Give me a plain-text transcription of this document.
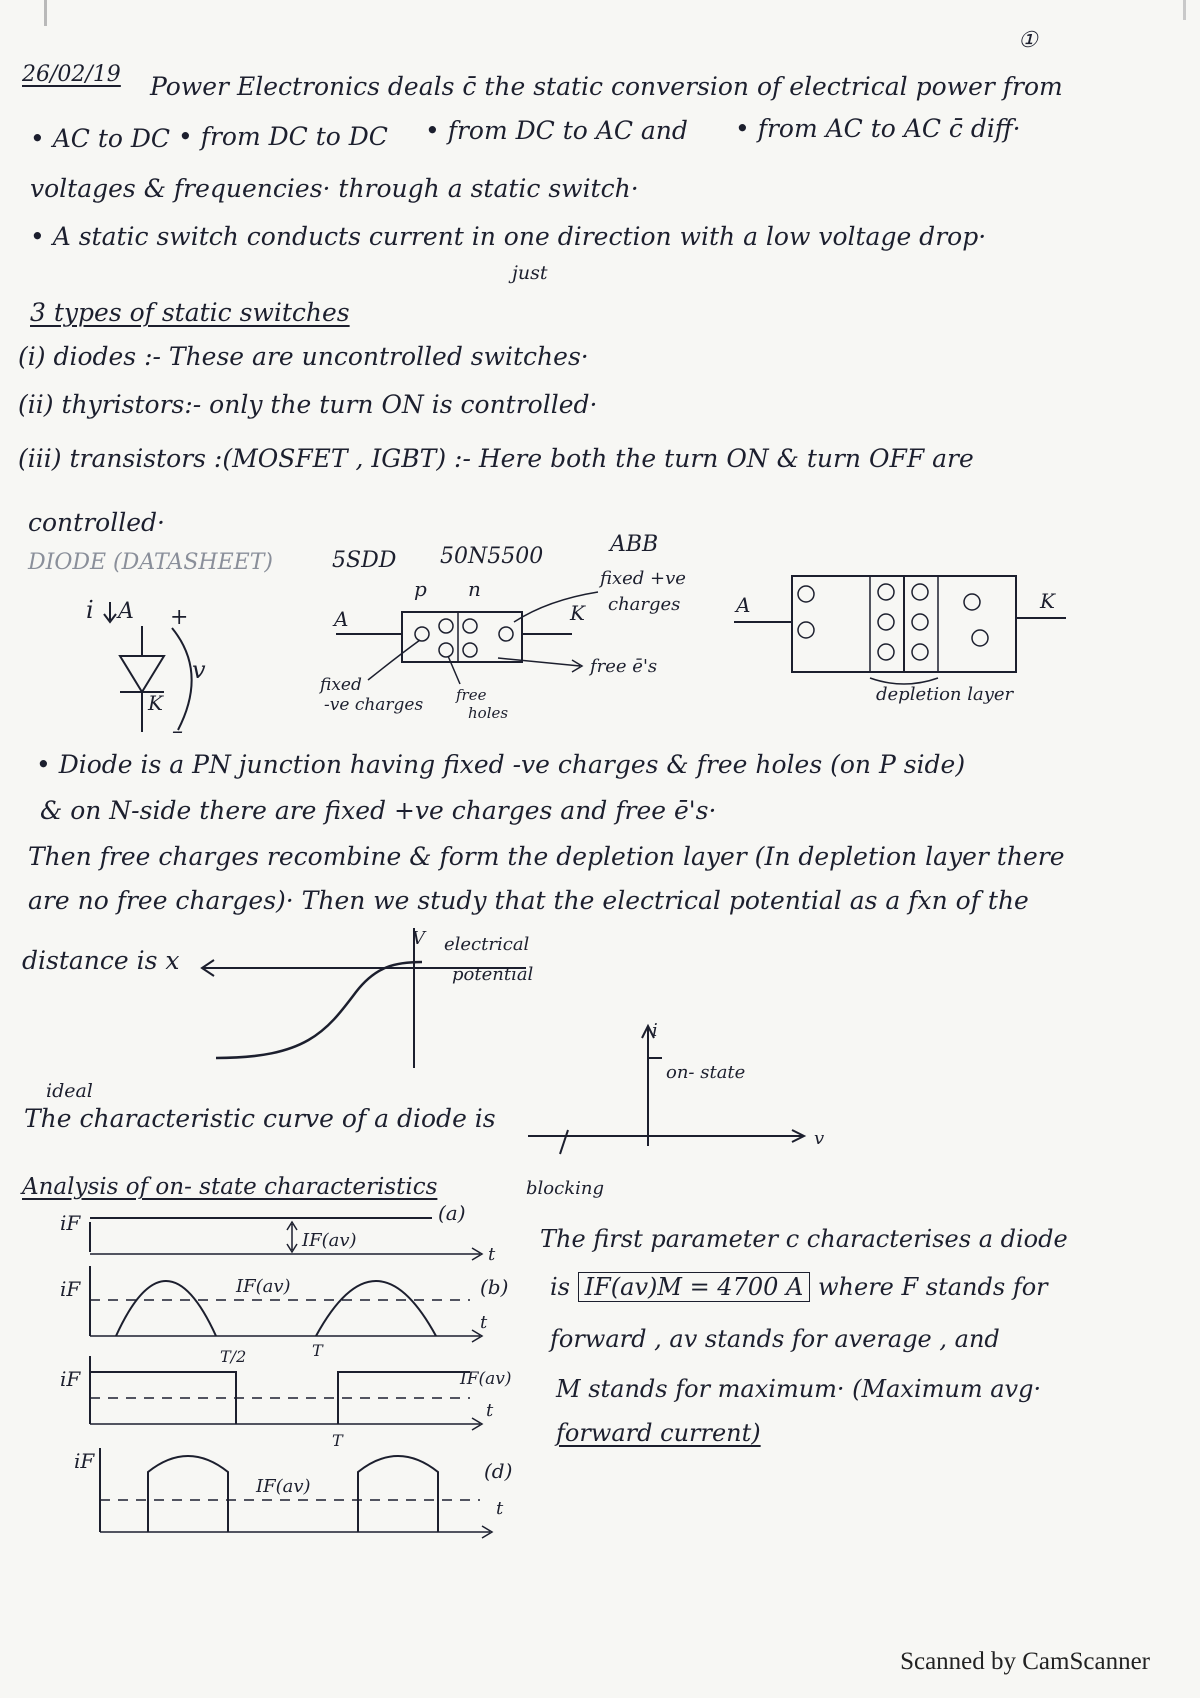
26/02/19
①
Power Electronics deals c̄ the static conversion of electrical power from
• AC to DC • from DC to DC • from DC to AC and • from AC to AC c̄ diff·
voltages & frequencies· through a static switch·
• A static switch conducts current in one direction with a low voltage drop·
just
3 types of static switches
(i) diodes :- These are uncontrolled switches·
(ii) thyristors:- only the turn ON is controlled·
(iii) transistors :(MOSFET , IGBT) :- Here both the turn ON & turn OFF are
controlled·
DIODE (DATASHEET)	5SDD 50N5500	ABB
i A +
K
v
–
p n
A	K
fixed +ve
charges
free ē's
fixed
-ve charges free
holes
A	K
depletion layer
• Diode is a PN junction having fixed -ve charges & free holes (on P side)
& on N-side there are fixed +ve charges and free ē's·
Then free charges recombine & form the depletion layer (In depletion layer there
are no free charges)· Then we study that the electrical potential as a fxn of the
distance is x
V electrical
potential
ideal
The characteristic curve of a diode is
i
v
on- state
blocking
Analysis of on- state characteristics
iF	(a)
t
IF(av)
iF	(b)
t
IF(av)
T/2	T
iF	IF(av)
t
T
iF	(d)
t
IF(av)
The first parameter c characterises a diode
is IF(av)M = 4700 A where F stands for
forward , av stands for average , and
M stands for maximum· (Maximum avg·
forward current)
Scanned by CamScanner
